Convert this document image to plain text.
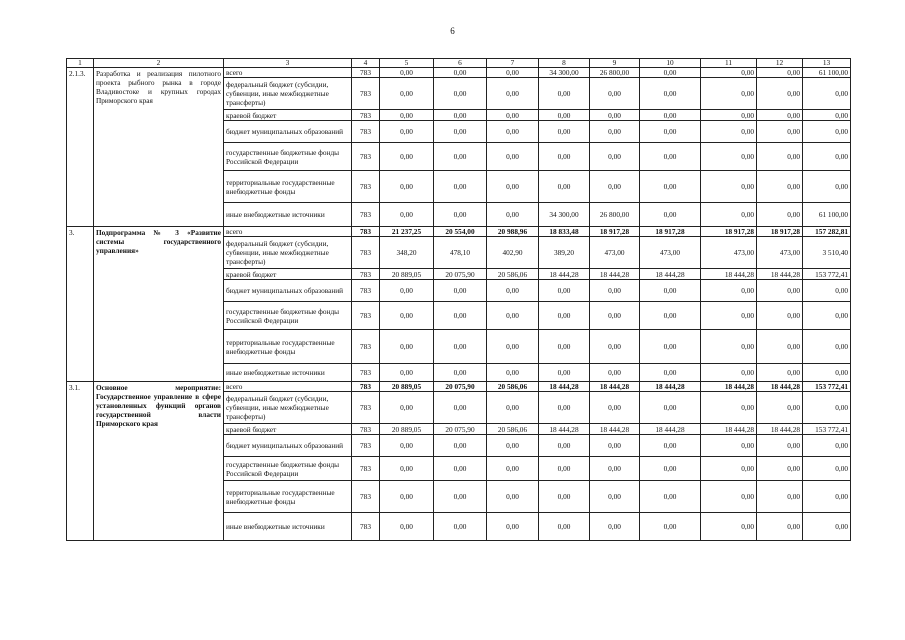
6
1	2	3	4	5	6	7	8	9	10	11	12	13
2.1.3.	Разработка и реализация пилотного проекта рыбного рынка в городе Владивостоке и крупных городах Приморского края	всего	783	0,00	0,00	0,00	34 300,00	26 800,00	0,00	0,00	0,00	61 100,00
		федеральный бюджет (субсидии, субвенции, иные межбюджетные трансферты)	783	0,00	0,00	0,00	0,00	0,00	0,00	0,00	0,00	0,00
		краевой бюджет	783	0,00	0,00	0,00	0,00	0,00	0,00	0,00	0,00	0,00
		бюджет муниципальных образований	783	0,00	0,00	0,00	0,00	0,00	0,00	0,00	0,00	0,00
		государственные бюджетные фонды Российской Федерации	783	0,00	0,00	0,00	0,00	0,00	0,00	0,00	0,00	0,00
		территориальные государственные внебюджетные фонды	783	0,00	0,00	0,00	0,00	0,00	0,00	0,00	0,00	0,00
		иные внебюджетные источники	783	0,00	0,00	0,00	34 300,00	26 800,00	0,00	0,00	0,00	61 100,00
3.	Подпрограмма № 3 «Развитие системы государственного управления»	всего	783	21 237,25	20 554,00	20 988,96	18 833,48	18 917,28	18 917,28	18 917,28	18 917,28	157 282,81
		федеральный бюджет (субсидии, субвенции, иные межбюджетные трансферты)	783	348,20	478,10	402,90	389,20	473,00	473,00	473,00	473,00	3 510,40
		краевой бюджет	783	20 889,05	20 075,90	20 586,06	18 444,28	18 444,28	18 444,28	18 444,28	18 444,28	153 772,41
		бюджет муниципальных образований	783	0,00	0,00	0,00	0,00	0,00	0,00	0,00	0,00	0,00
		государственные бюджетные фонды Российской Федерации	783	0,00	0,00	0,00	0,00	0,00	0,00	0,00	0,00	0,00
		территориальные государственные внебюджетные фонды	783	0,00	0,00	0,00	0,00	0,00	0,00	0,00	0,00	0,00
		иные внебюджетные источники	783	0,00	0,00	0,00	0,00	0,00	0,00	0,00	0,00	0,00
3.1.	Основное мероприятие: Государственное управление в сфере установленных функций органов государственной власти Приморского края	всего	783	20 889,05	20 075,90	20 586,06	18 444,28	18 444,28	18 444,28	18 444,28	18 444,28	153 772,41
		федеральный бюджет (субсидии, субвенции, иные межбюджетные трансферты)	783	0,00	0,00	0,00	0,00	0,00	0,00	0,00	0,00	0,00
		краевой бюджет	783	20 889,05	20 075,90	20 586,06	18 444,28	18 444,28	18 444,28	18 444,28	18 444,28	153 772,41
		бюджет муниципальных образований	783	0,00	0,00	0,00	0,00	0,00	0,00	0,00	0,00	0,00
		государственные бюджетные фонды Российской Федерации	783	0,00	0,00	0,00	0,00	0,00	0,00	0,00	0,00	0,00
		территориальные государственные внебюджетные фонды	783	0,00	0,00	0,00	0,00	0,00	0,00	0,00	0,00	0,00
		иные внебюджетные источники	783	0,00	0,00	0,00	0,00	0,00	0,00	0,00	0,00	0,00
